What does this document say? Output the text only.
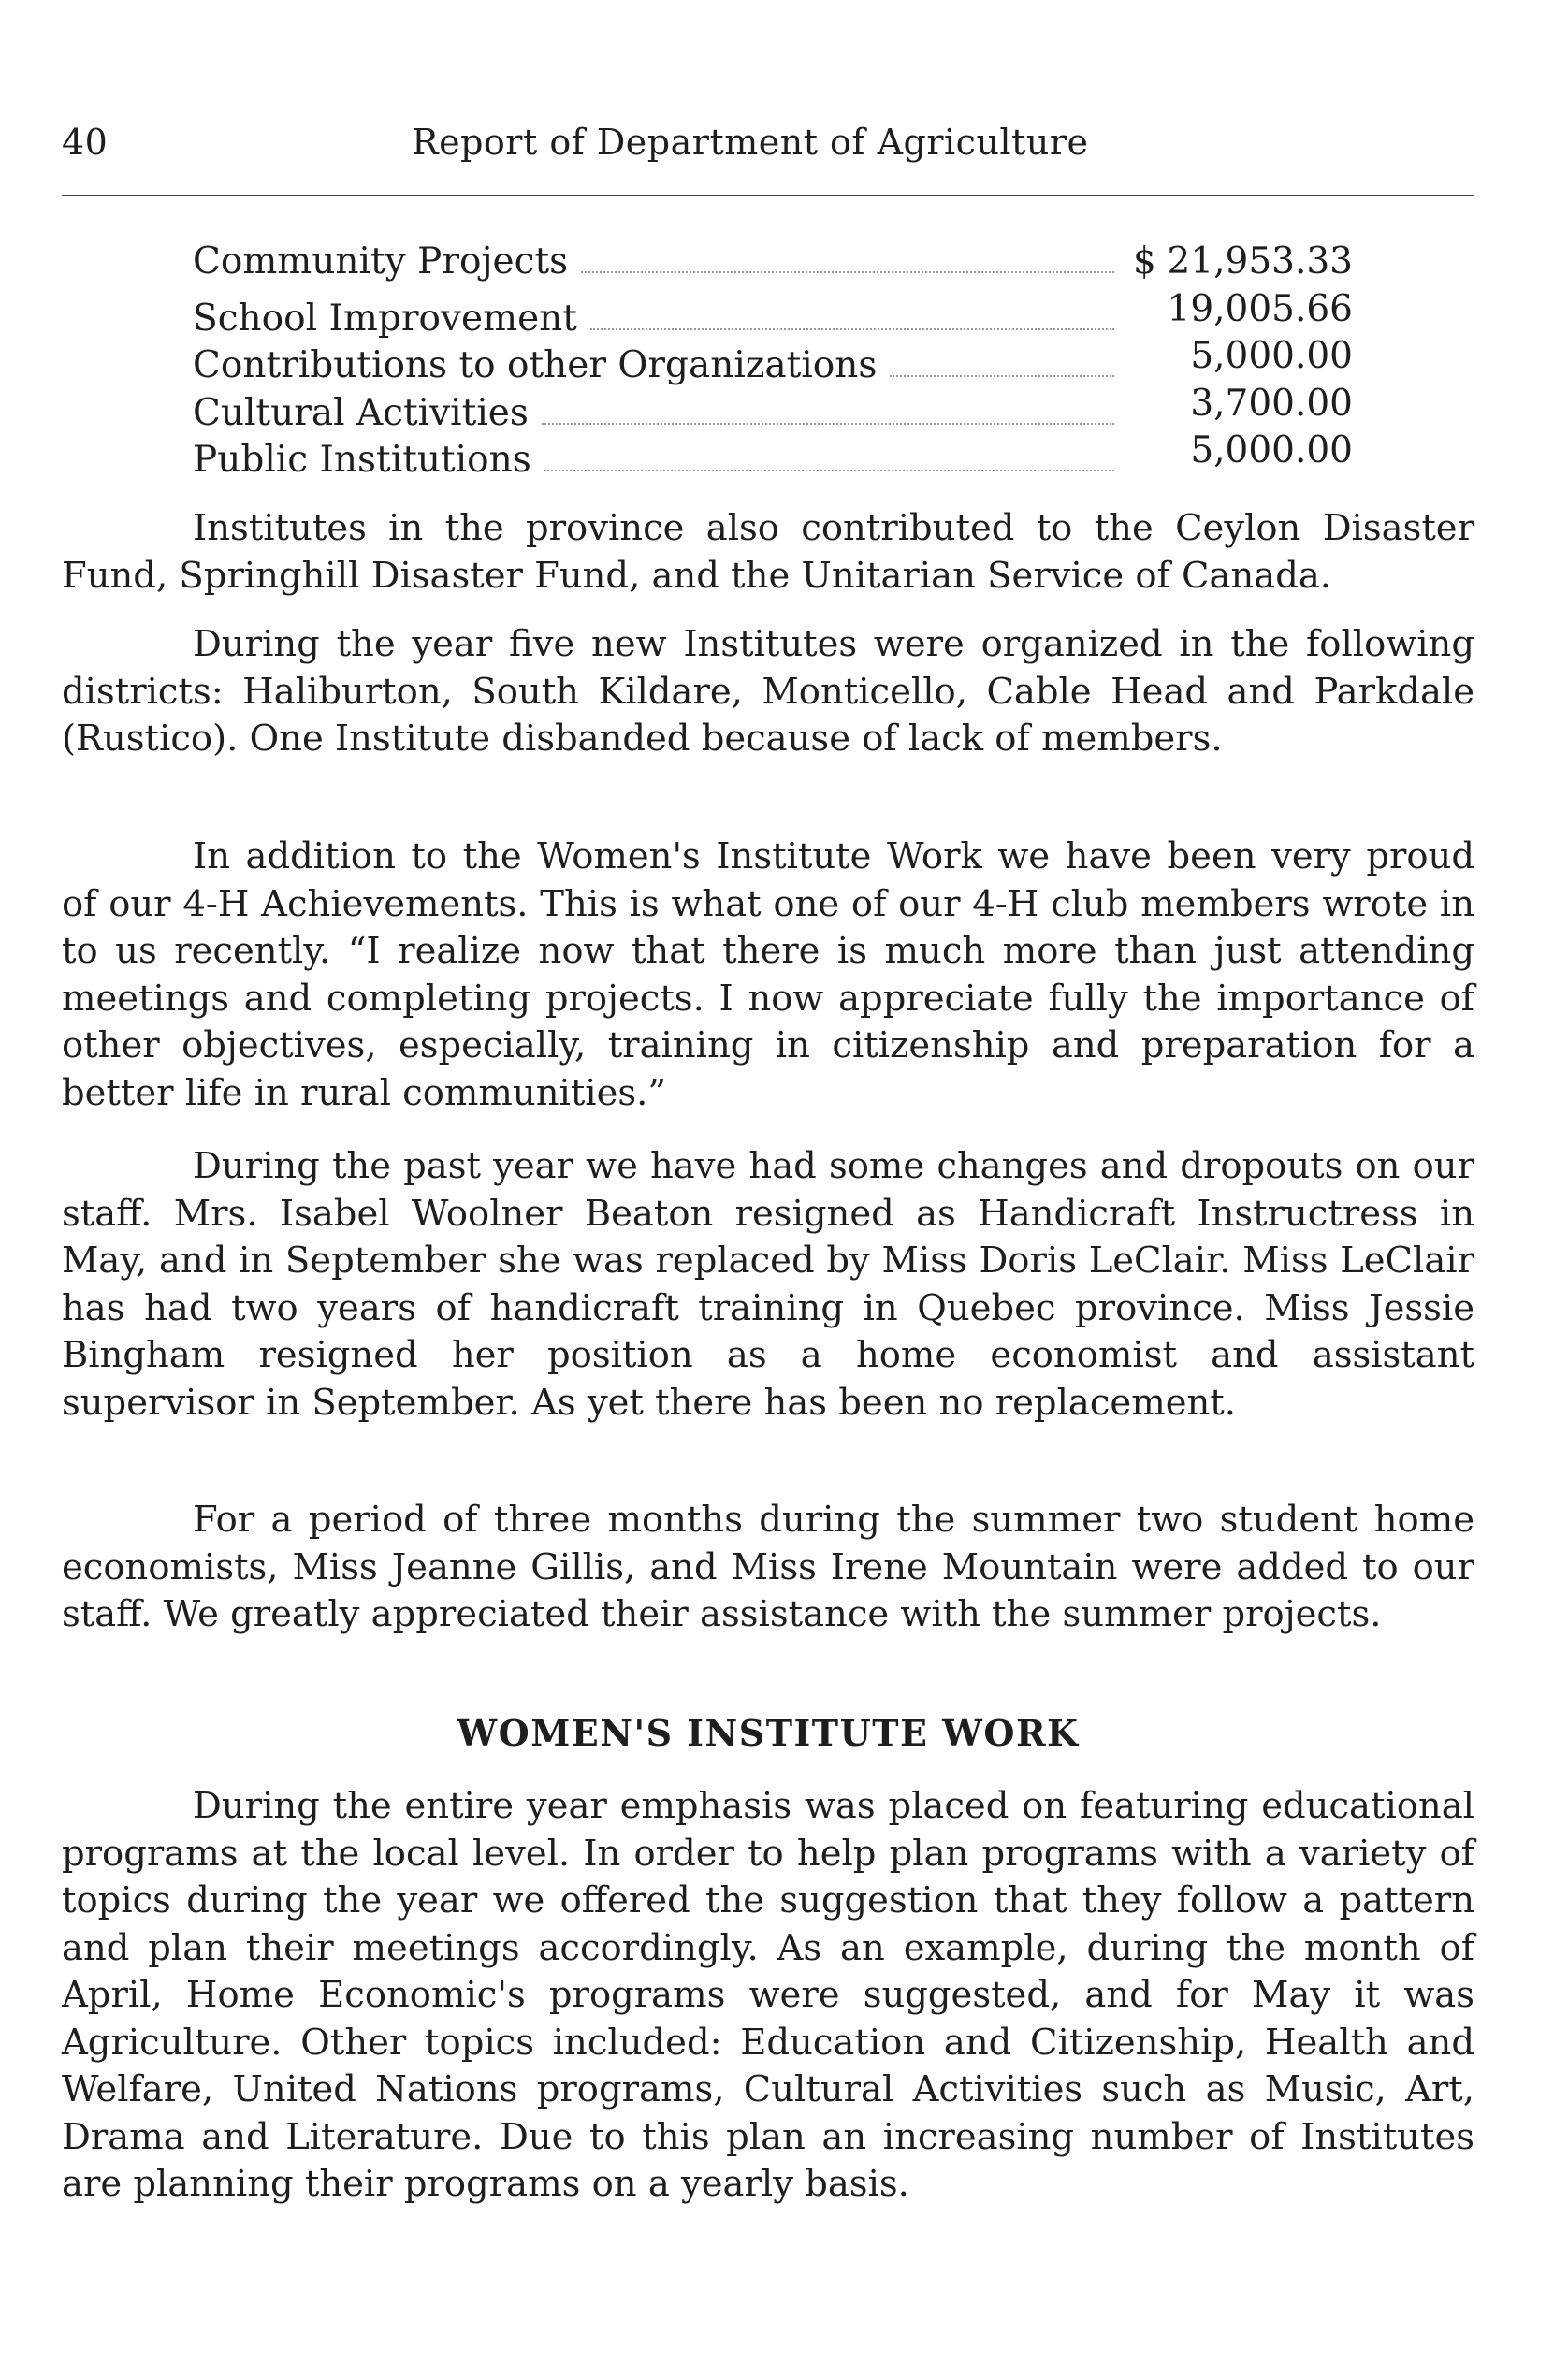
40	Report of Department of Agriculture
Community Projects	$ 21,953.33
School Improvement	19,005.66
Contributions to other Organizations	5,000.00
Cultural Activities	3,700.00
Public Institutions	5,000.00

Institutes in the province also contributed to the Ceylon Disaster Fund, Springhill Disaster Fund, and the Unitarian Service of Canada.

During the year five new Institutes were organized in the following districts: Haliburton, South Kildare, Monticello, Cable Head and Parkdale (Rustico). One Institute disbanded because of lack of members.

In addition to the Women's Institute Work we have been very proud of our 4-H Achievements. This is what one of our 4-H club members wrote in to us recently. “I realize now that there is much more than just attending meetings and completing projects. I now appreciate fully the importance of other objectives, especially, training in citizenship and preparation for a better life in rural communities.”

During the past year we have had some changes and dropouts on our staff. Mrs. Isabel Woolner Beaton resigned as Handicraft Instructress in May, and in September she was replaced by Miss Doris LeClair. Miss LeClair has had two years of handicraft training in Quebec province. Miss Jessie Bingham resigned her position as a home economist and assistant supervisor in September. As yet there has been no replacement.

For a period of three months during the summer two student home economists, Miss Jeanne Gillis, and Miss Irene Mountain were added to our staff. We greatly appreciated their assistance with the summer projects.

WOMEN'S INSTITUTE WORK

During the entire year emphasis was placed on featuring educational programs at the local level. In order to help plan programs with a variety of topics during the year we offered the suggestion that they follow a pattern and plan their meetings accordingly. As an example, during the month of April, Home Economic's programs were suggested, and for May it was Agriculture. Other topics included: Education and Citizenship, Health and Welfare, United Nations programs, Cultural Activities such as Music, Art, Drama and Literature. Due to this plan an increasing number of Institutes are planning their programs on a yearly basis.
